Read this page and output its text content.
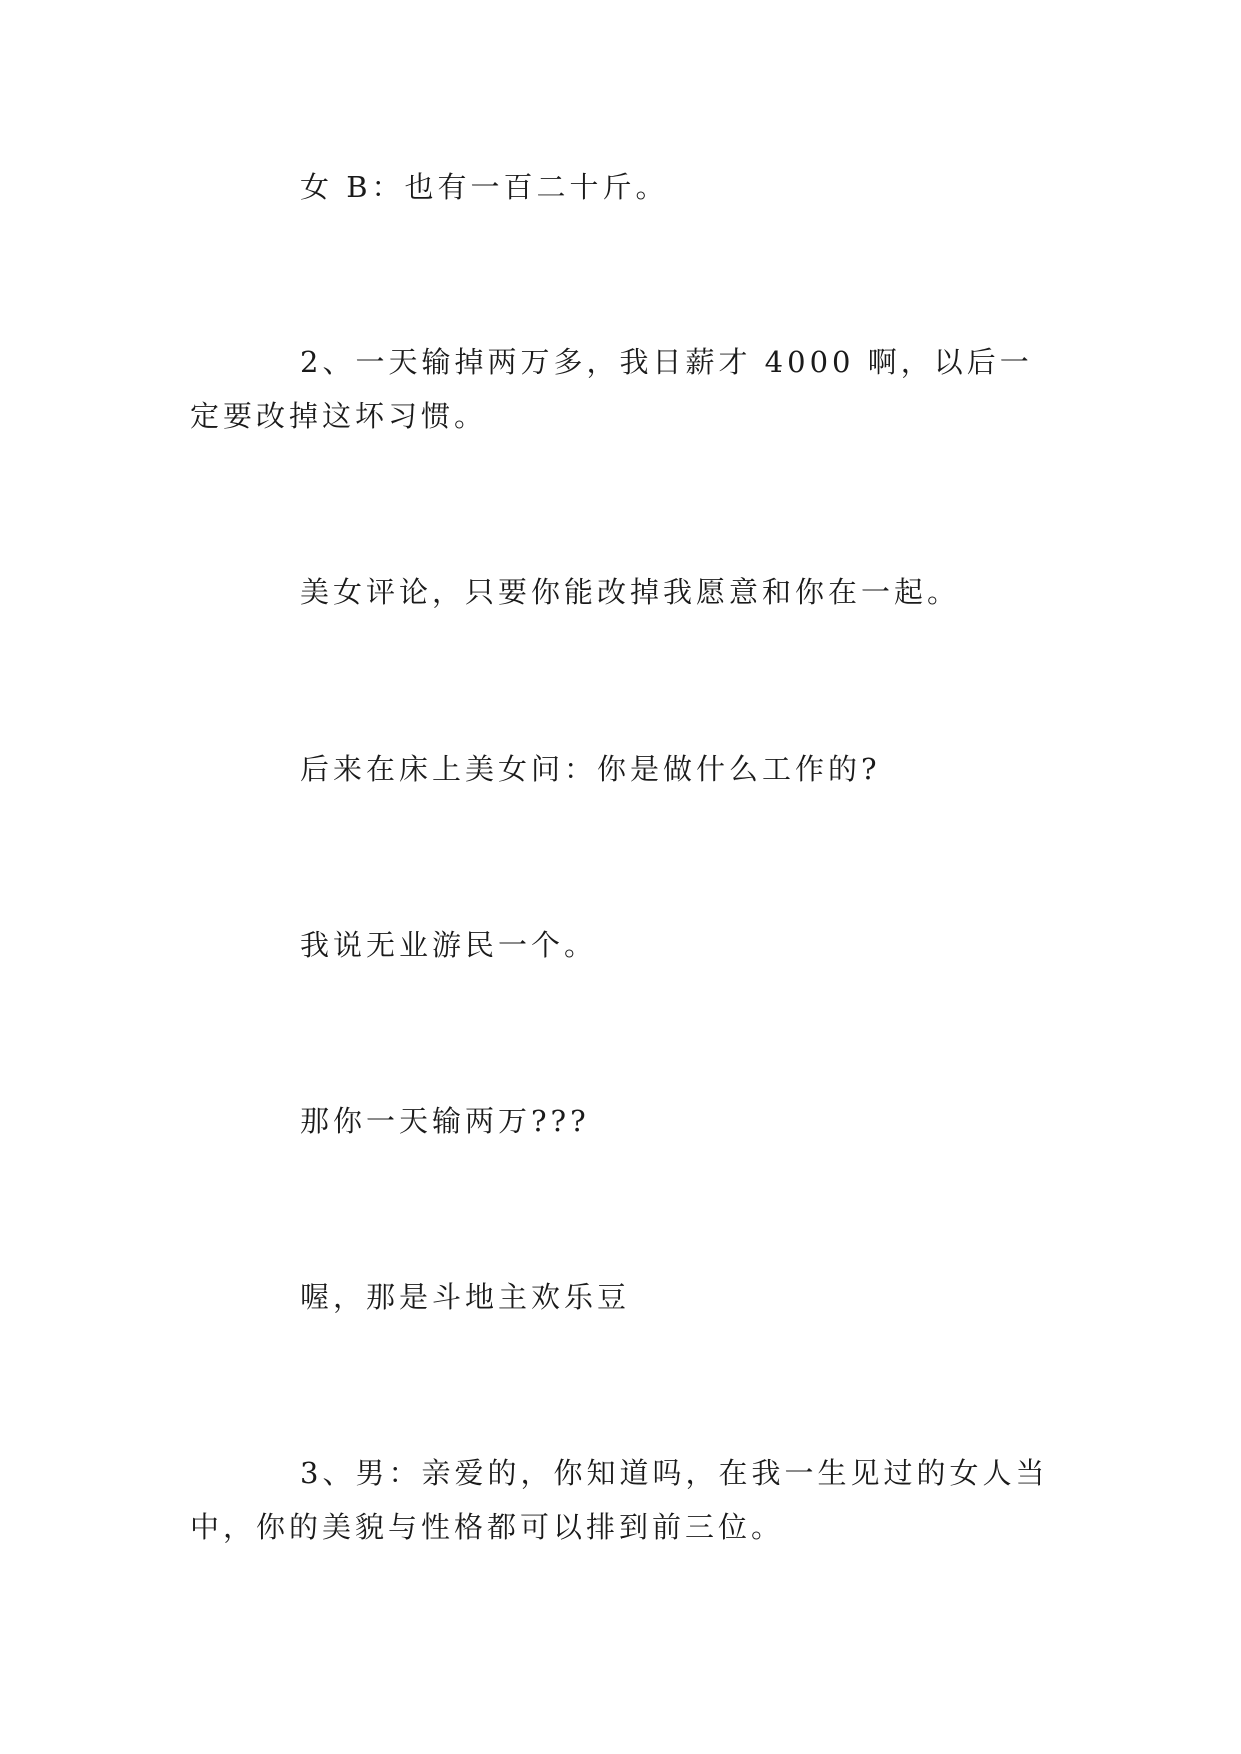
女 B：也有一百二十斤。

2、一天输掉两万多，我日薪才 4000 啊，以后一定要改掉这坏习惯。

美女评论，只要你能改掉我愿意和你在一起。

后来在床上美女问：你是做什么工作的?

我说无业游民一个。

那你一天输两万???

喔，那是斗地主欢乐豆

3、男：亲爱的，你知道吗，在我一生见过的女人当中，你的美貌与性格都可以排到前三位。
